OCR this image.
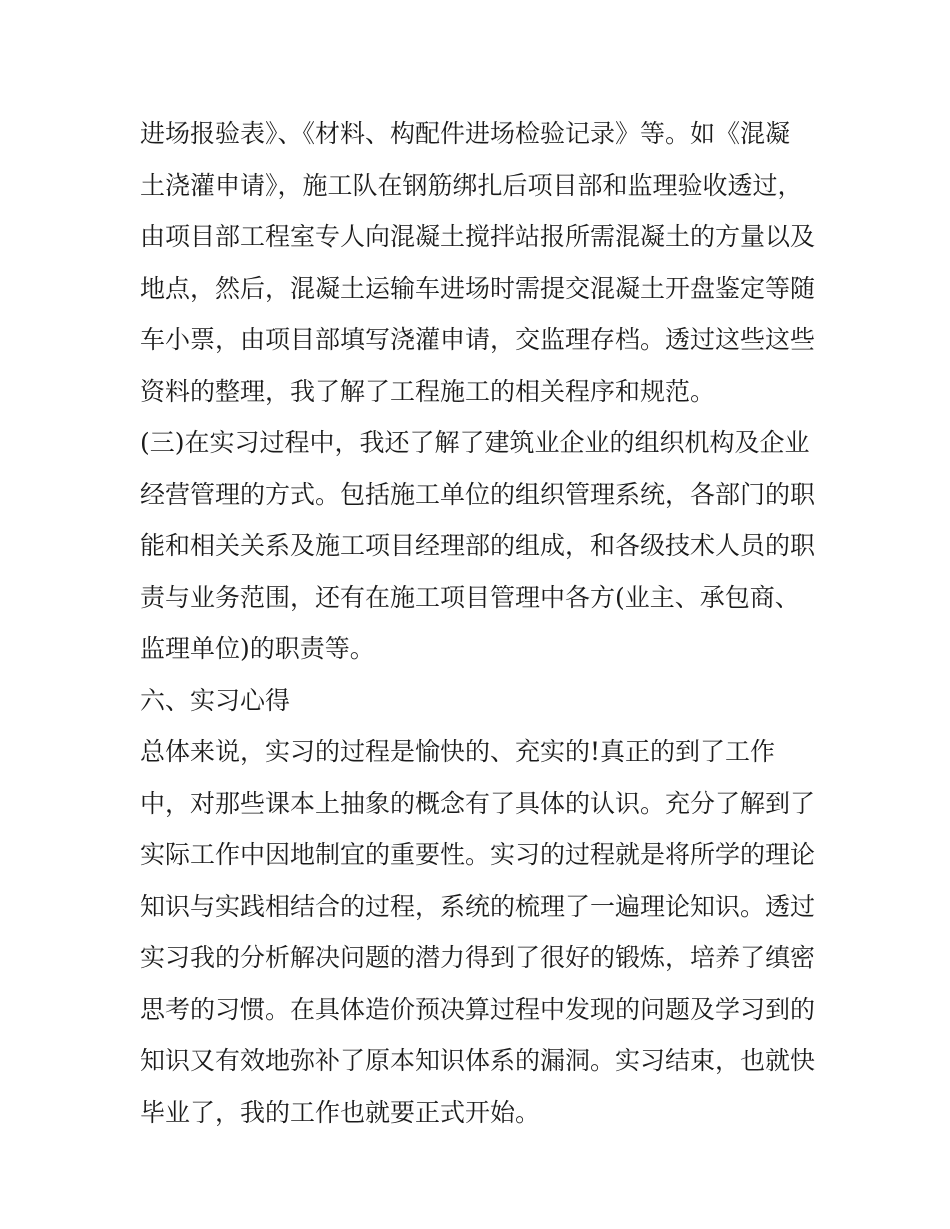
进场报验表》、《材料、构配件进场检验记录》等。如《混凝
土浇灌申请》，施工队在钢筋绑扎后项目部和监理验收透过，
由项目部工程室专人向混凝土搅拌站报所需混凝土的方量以及
地点，然后，混凝土运输车进场时需提交混凝土开盘鉴定等随
车小票，由项目部填写浇灌申请，交监理存档。透过这些这些
资料的整理，我了解了工程施工的相关程序和规范。
(三)在实习过程中，我还了解了建筑业企业的组织机构及企业
经营管理的方式。包括施工单位的组织管理系统，各部门的职
能和相关关系及施工项目经理部的组成，和各级技术人员的职
责与业务范围，还有在施工项目管理中各方(业主、承包商、
监理单位)的职责等。
六、实习心得
总体来说，实习的过程是愉快的、充实的!真正的到了工作
中，对那些课本上抽象的概念有了具体的认识。充分了解到了
实际工作中因地制宜的重要性。实习的过程就是将所学的理论
知识与实践相结合的过程，系统的梳理了一遍理论知识。透过
实习我的分析解决问题的潜力得到了很好的锻炼，培养了缜密
思考的习惯。在具体造价预决算过程中发现的问题及学习到的
知识又有效地弥补了原本知识体系的漏洞。实习结束，也就快
毕业了，我的工作也就要正式开始。
